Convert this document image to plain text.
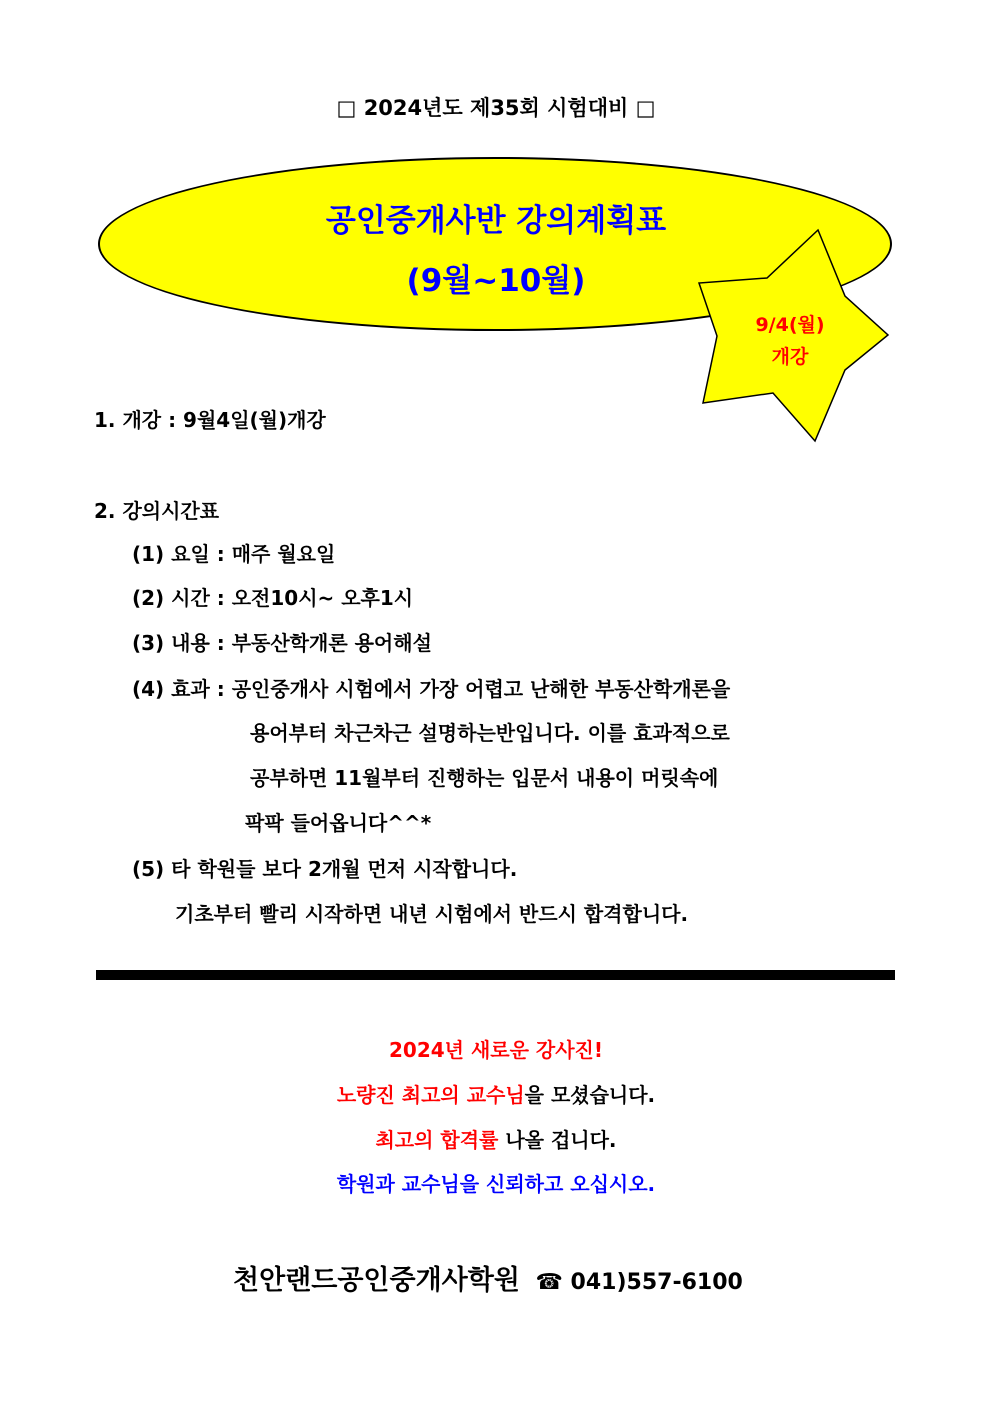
□ 2024년도 제35회 시험대비 □
공인중개사반 강의계획표
(9월~10월)
9/4(월)
개강
1. 개강 : 9월4일(월)개강
2. 강의시간표
(1) 요일 : 매주 월요일
(2) 시간 : 오전10시~ 오후1시
(3) 내용 : 부동산학개론 용어해설
(4) 효과 : 공인중개사 시험에서 가장 어렵고 난해한 부동산학개론을
용어부터 차근차근 설명하는반입니다. 이를 효과적으로
공부하면 11월부터 진행하는 입문서 내용이 머릿속에
팍팍 들어옵니다^^*
(5) 타 학원들 보다 2개월 먼저 시작합니다.
기초부터 빨리 시작하면 내년 시험에서 반드시 합격합니다.
2024년 새로운 강사진!
노량진 최고의 교수님을 모셨습니다.
최고의 합격률 나올 겁니다.
학원과 교수님을 신뢰하고 오십시오.
천안랜드공인중개사학원 ☎ 041)557-6100
